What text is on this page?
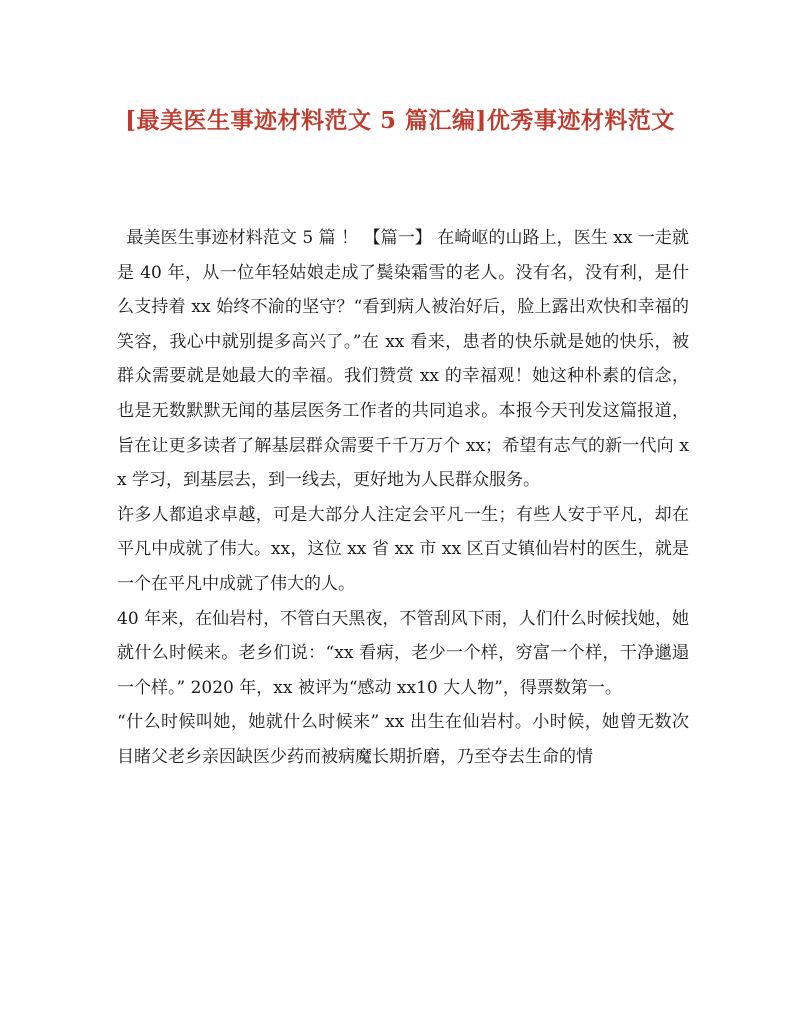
[最美医生事迹材料范文 5 篇汇编]优秀事迹材料范文

最美医生事迹材料范文 5 篇 ！ 【篇一】 在崎岖的山路上，医生 xx 一走就是 40 年，从一位年轻姑娘走成了鬓染霜雪的老人。没有名，没有利，是什么支持着 xx 始终不渝的坚守？“看到病人被治好后，脸上露出欢快和幸福的笑容，我心中就别提多高兴了。”在 xx 看来，患者的快乐就是她的快乐，被群众需要就是她最大的幸福。我们赞赏 xx 的幸福观！她这种朴素的信念，也是无数默默无闻的基层医务工作者的共同追求。本报今天刊发这篇报道，旨在让更多读者了解基层群众需要千千万万个 xx；希望有志气的新一代向 xx 学习，到基层去，到一线去，更好地为人民群众服务。

许多人都追求卓越，可是大部分人注定会平凡一生；有些人安于平凡，却在平凡中成就了伟大。xx，这位 xx 省 xx 市 xx 区百丈镇仙岩村的医生，就是一个在平凡中成就了伟大的人。

40 年来，在仙岩村，不管白天黑夜，不管刮风下雨，人们什么时候找她，她就什么时候来。老乡们说：“xx 看病，老少一个样，穷富一个样，干净邋遢一个样。” 2020 年，xx 被评为“感动 xx10 大人物”，得票数第一。

“什么时候叫她，她就什么时候来” xx 出生在仙岩村。小时候，她曾无数次目睹父老乡亲因缺医少药而被病魔长期折磨，乃至夺去生命的情
